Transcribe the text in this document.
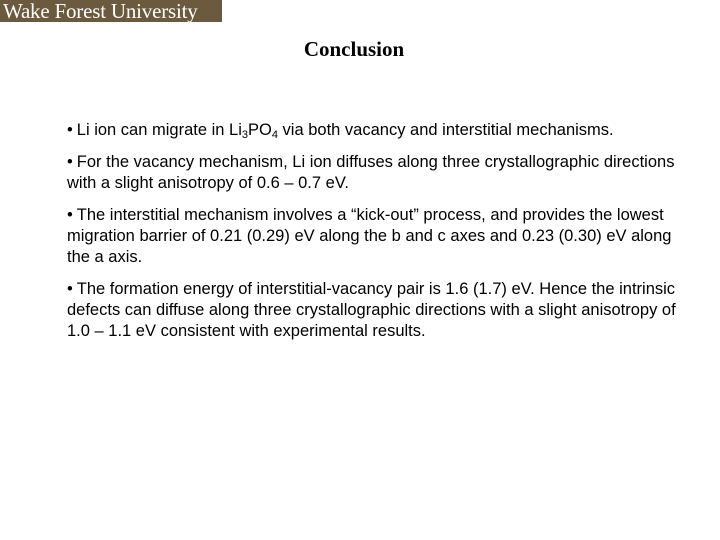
Wake Forest University
Conclusion
• Li ion can migrate in $Li_3PO_4$ via both vacancy and interstitial mechanisms.
• For the vacancy mechanism, Li ion diffuses along three crystallographic directions with a slight anisotropy of 0.6 – 0.7 eV.
• The interstitial mechanism involves a “kick-out” process, and provides the lowest migration barrier of 0.21 (0.29) eV along the b and c axes and 0.23 (0.30) eV along the a axis.
• The formation energy of interstitial-vacancy pair is 1.6 (1.7) eV. Hence the intrinsic defects can diffuse along three crystallographic directions with a slight anisotropy of 1.0 – 1.1 eV consistent with experimental results.
